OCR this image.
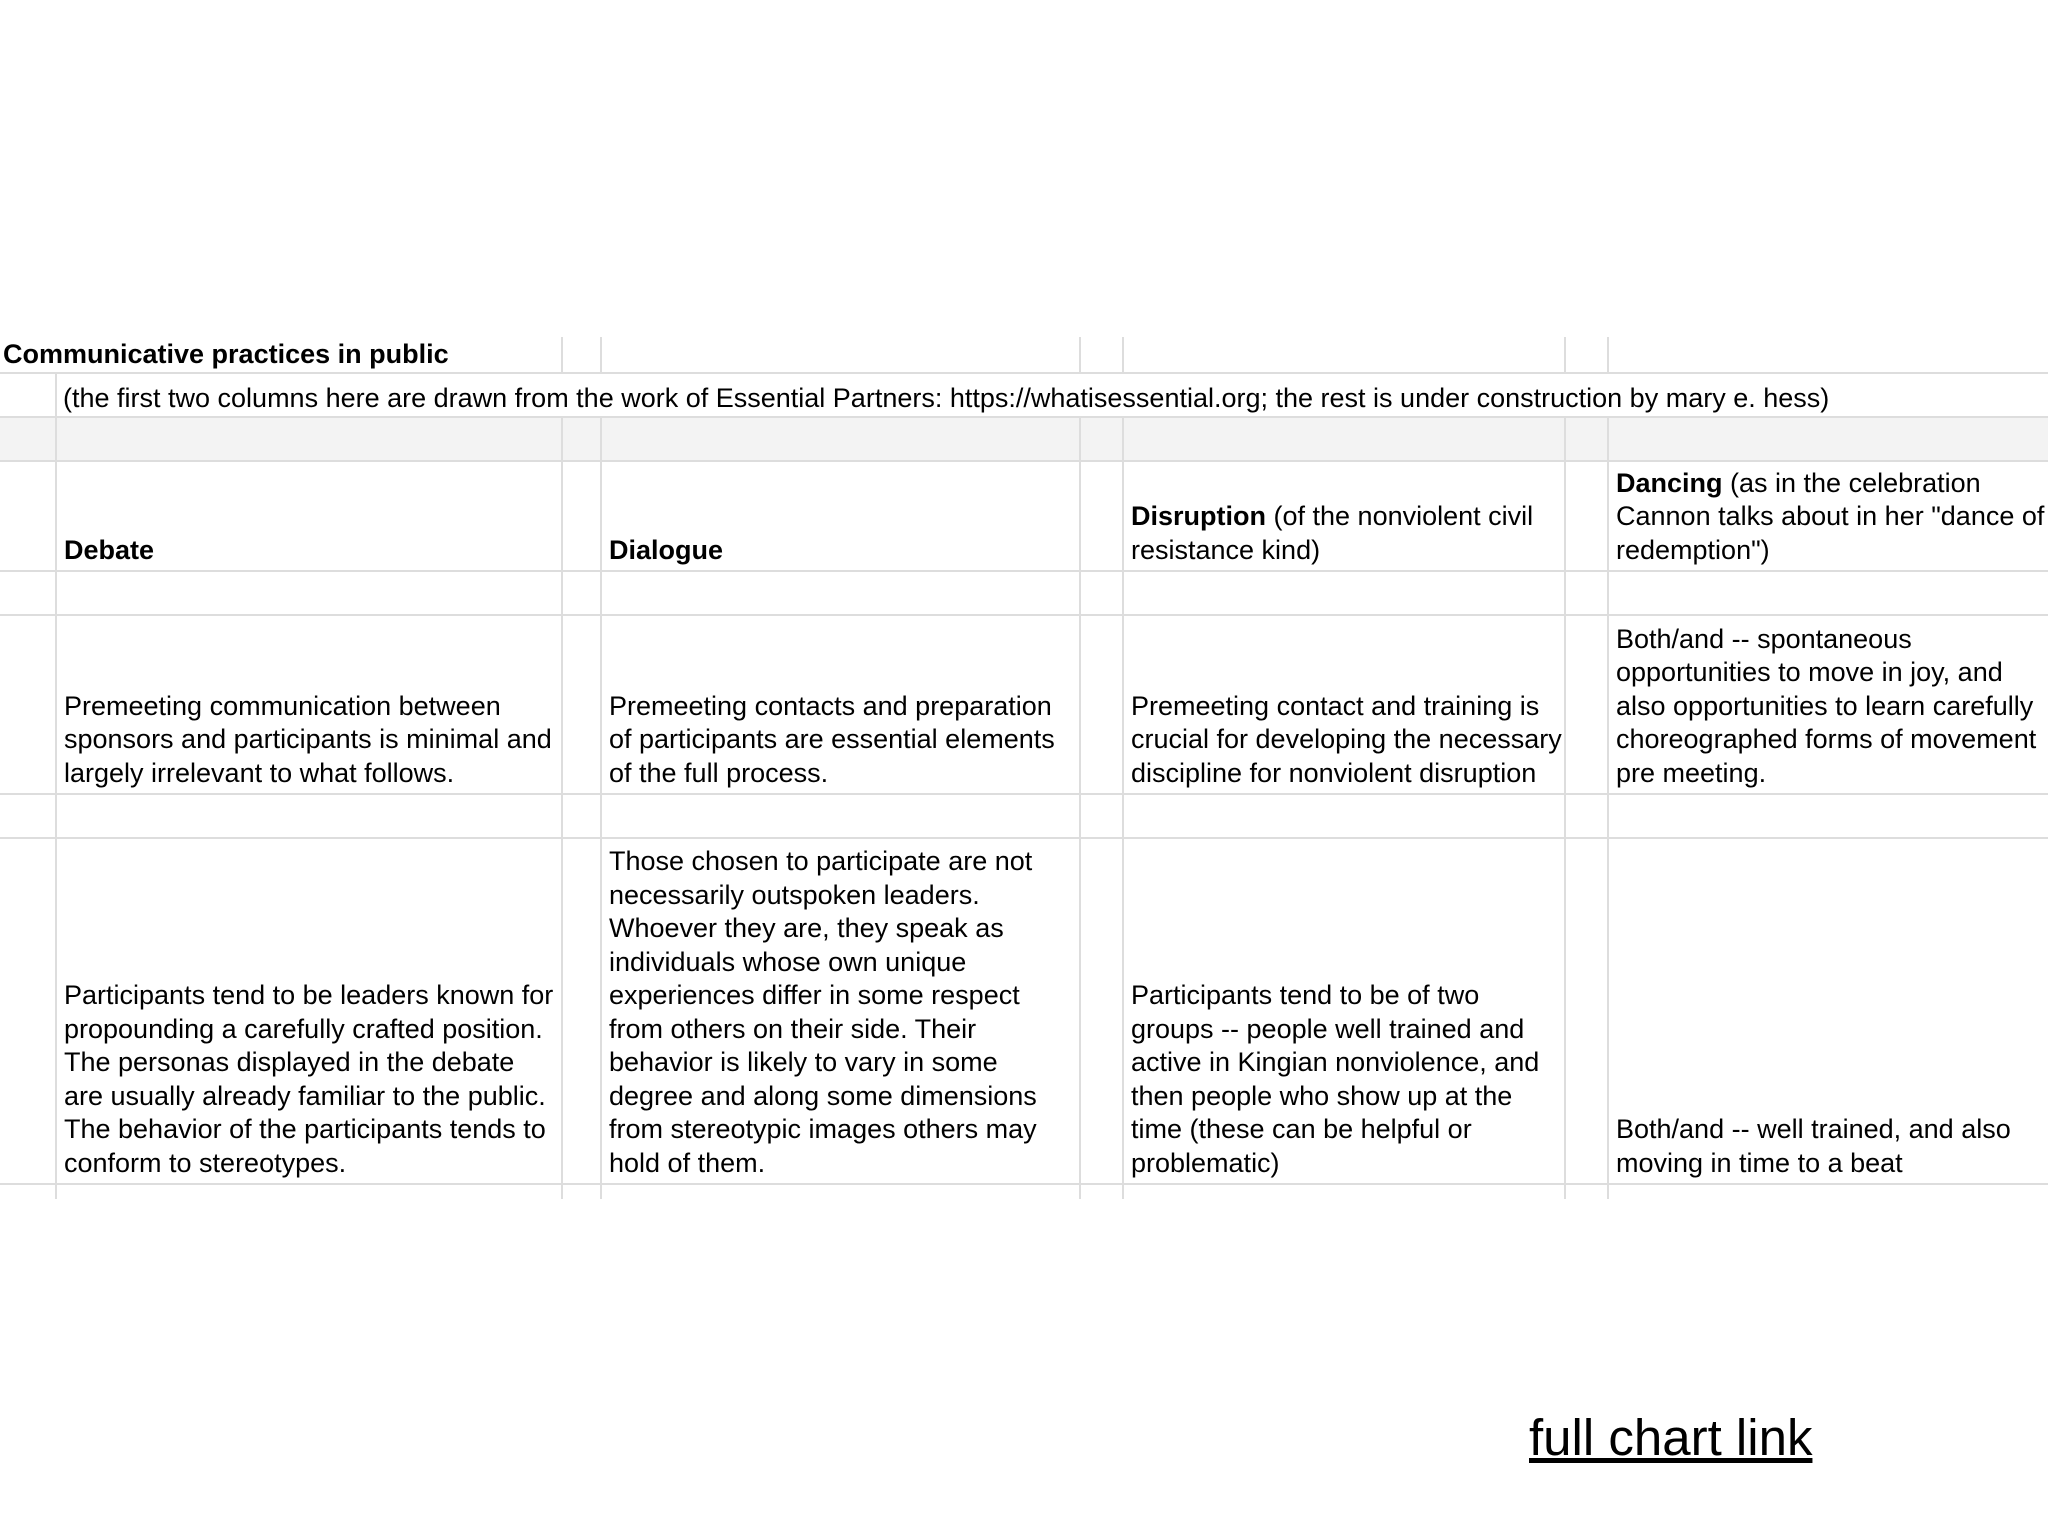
Communicative practices in public
(the first two columns here are drawn from the work of Essential Partners: https://whatisessential.org; the rest is under construction by mary e. hess)
Debate	Dialogue
Disruption (of the nonviolent civil resistance kind)
Dancing (as in the celebration Cannon talks about in her "dance of redemption")
Premeeting communication between sponsors and participants is minimal and largely irrelevant to what follows.
Premeeting contacts and preparation of participants are essential elements of the full process.
Premeeting contact and training is crucial for developing the necessary discipline for nonviolent disruption
Both/and -- spontaneous opportunities to move in joy, and also opportunities to learn carefully choreographed forms of movement pre meeting.
Participants tend to be leaders known for propounding a carefully crafted position. The personas displayed in the debate are usually already familiar to the public. The behavior of the participants tends to conform to stereotypes.
Those chosen to participate are not necessarily outspoken leaders. Whoever they are, they speak as individuals whose own unique experiences differ in some respect from others on their side. Their behavior is likely to vary in some degree and along some dimensions from stereotypic images others may hold of them.
Participants tend to be of two groups -- people well trained and active in Kingian nonviolence, and then people who show up at the time (these can be helpful or problematic)
Both/and -- well trained, and also moving in time to a beat
full chart link
